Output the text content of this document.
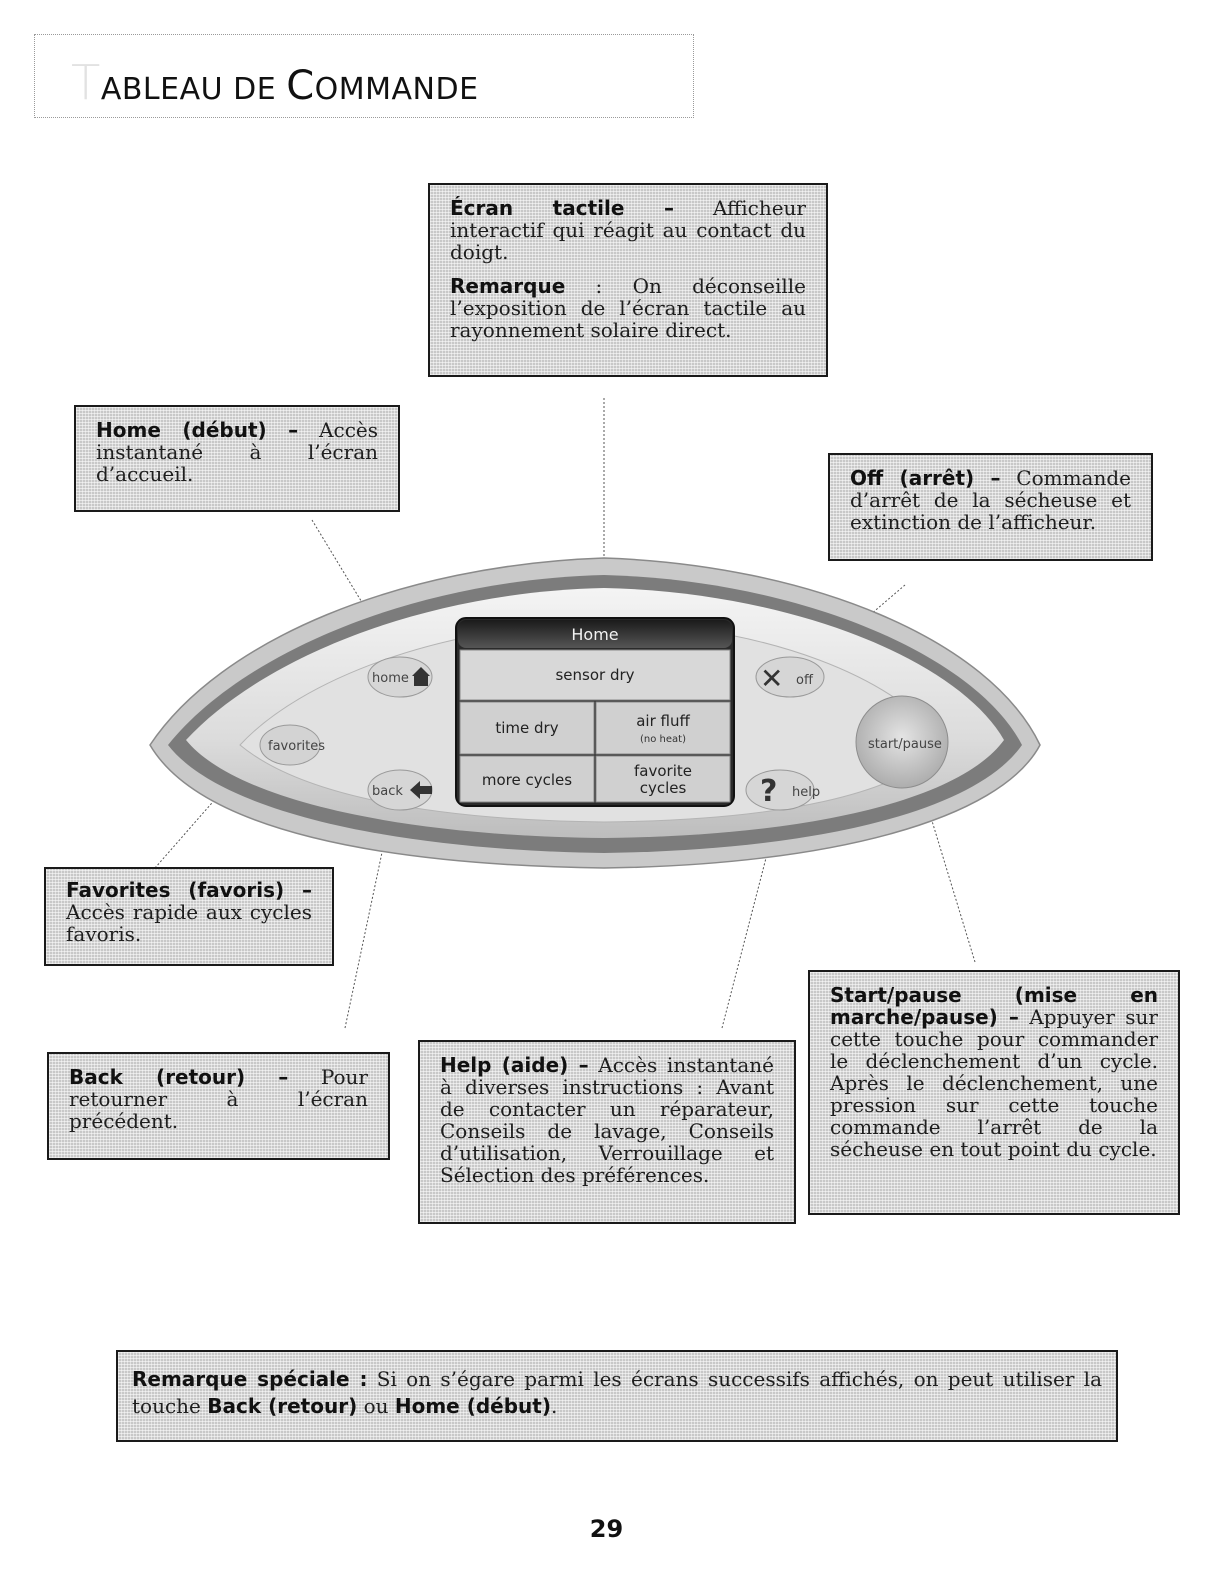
TABLEAU DE COMMANDE
home	✕ off
favorites	start/pause
back	? help
Home
sensor dry
time dry	air fluff
(no heat)
more cycles	favorite
cycles

Écran tactile – Afficheur interactif qui réagit au contact du doigt.

Remarque : On déconseille l’exposition de l’écran tactile au rayonnement solaire direct.

Home (début) – Accès instantané à l’écran d’accueil.	Off (arrêt) – Commande d’arrêt de la sécheuse et extinction de l’afficheur.

Favorites (favoris) – Accès rapide aux cycles favoris.

Back (retour) – Pour retourner à l’écran précédent.

Help (aide) – Accès instantané à diverses instructions : Avant de contacter un réparateur, Conseils de lavage, Conseils d’utilisation, Verrouillage et Sélection des préférences.

Start/pause (mise en marche/pause) – Appuyer sur cette touche pour commander le déclenchement d’un cycle. Après le déclenchement, une pression sur cette touche commande l’arrêt de la sécheuse en tout point du cycle.

Remarque spéciale : Si on s’égare parmi les écrans successifs affichés, on peut utiliser la touche Back (retour) ou Home (début).

29
